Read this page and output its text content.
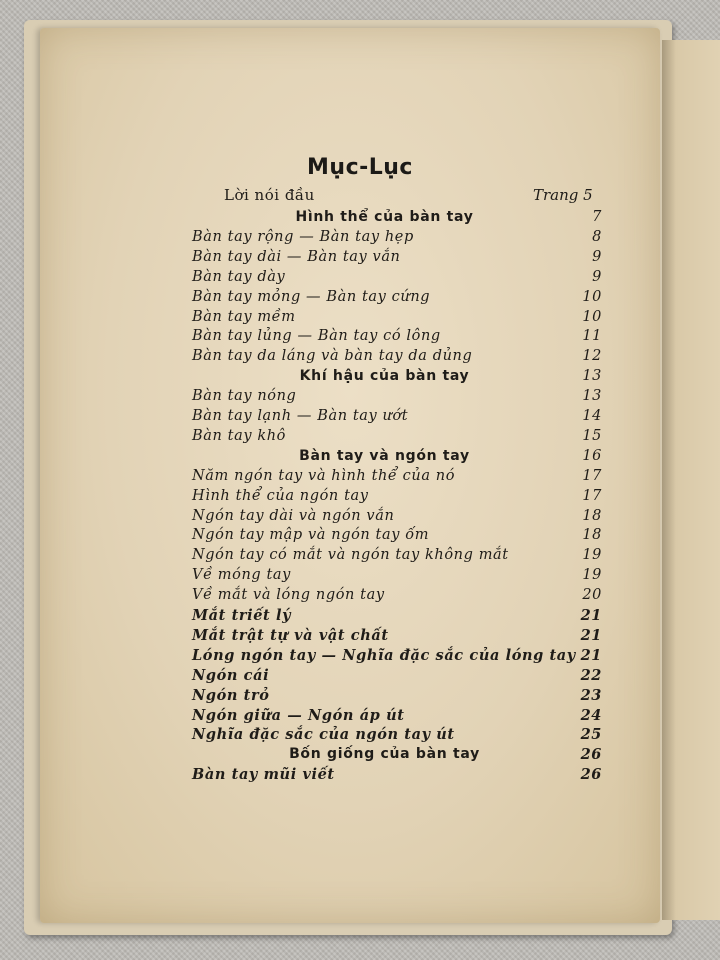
Mục-Lục
Lời nói đầu	Trang 5
Hình thể của bàn tay	7
Bàn tay rộng — Bàn tay hẹp	8
Bàn tay dài — Bàn tay vắn	9
Bàn tay dày	9
Bàn tay mỏng — Bàn tay cứng	10
Bàn tay mềm	10
Bàn tay lủng — Bàn tay có lông	11
Bàn tay da láng và bàn tay da dủng	12
Khí hậu của bàn tay	13
Bàn tay nóng	13
Bàn tay lạnh — Bàn tay ướt	14
Bàn tay khô	15
Bàn tay và ngón tay	16
Năm ngón tay và hình thể của nó	17
Hình thể của ngón tay	17
Ngón tay dài và ngón vắn	18
Ngón tay mập và ngón tay ốm	18
Ngón tay có mắt và ngón tay không mắt	19
Về móng tay	19
Về mắt và lóng ngón tay	20
Mắt triết lý	21
Mắt trật tự và vật chất	21
Lóng ngón tay — Nghĩa đặc sắc của lóng tay 21
Ngón cái	22
Ngón trỏ	23
Ngón giữa — Ngón áp út	24
Nghĩa đặc sắc của ngón tay út	25
Bốn giống của bàn tay	26
Bàn tay mũi viết	26
